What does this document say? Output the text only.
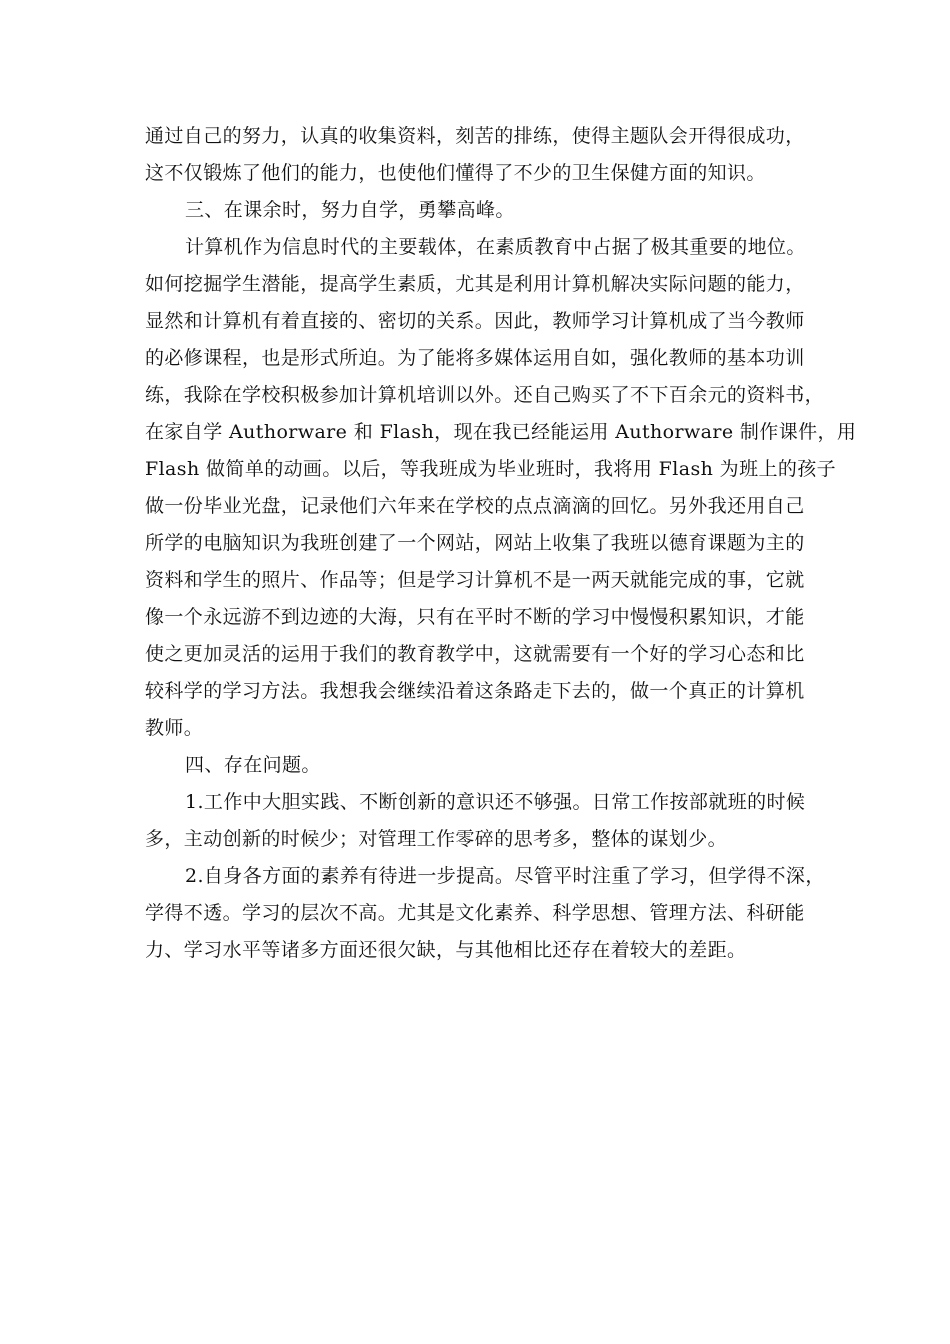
通过自己的努力，认真的收集资料，刻苦的排练，使得主题队会开得很成功，
这不仅锻炼了他们的能力，也使他们懂得了不少的卫生保健方面的知识。
三、在课余时，努力自学，勇攀高峰。
计算机作为信息时代的主要载体，在素质教育中占据了极其重要的地位。
如何挖掘学生潜能，提高学生素质，尤其是利用计算机解决实际问题的能力，
显然和计算机有着直接的、密切的关系。因此，教师学习计算机成了当今教师
的必修课程，也是形式所迫。为了能将多媒体运用自如，强化教师的基本功训
练，我除在学校积极参加计算机培训以外。还自己购买了不下百余元的资料书，
在家自学 Authorware 和 Flash，现在我已经能运用 Authorware 制作课件，用
Flash 做简单的动画。以后，等我班成为毕业班时，我将用 Flash 为班上的孩子
做一份毕业光盘，记录他们六年来在学校的点点滴滴的回忆。另外我还用自己
所学的电脑知识为我班创建了一个网站，网站上收集了我班以德育课题为主的
资料和学生的照片、作品等；但是学习计算机不是一两天就能完成的事，它就
像一个永远游不到边迹的大海，只有在平时不断的学习中慢慢积累知识，才能
使之更加灵活的运用于我们的教育教学中，这就需要有一个好的学习心态和比
较科学的学习方法。我想我会继续沿着这条路走下去的，做一个真正的计算机
教师。
四、存在问题。
1.工作中大胆实践、不断创新的意识还不够强。日常工作按部就班的时候
多，主动创新的时候少；对管理工作零碎的思考多，整体的谋划少。
2.自身各方面的素养有待进一步提高。尽管平时注重了学习，但学得不深，
学得不透。学习的层次不高。尤其是文化素养、科学思想、管理方法、科研能
力、学习水平等诸多方面还很欠缺，与其他相比还存在着较大的差距。
